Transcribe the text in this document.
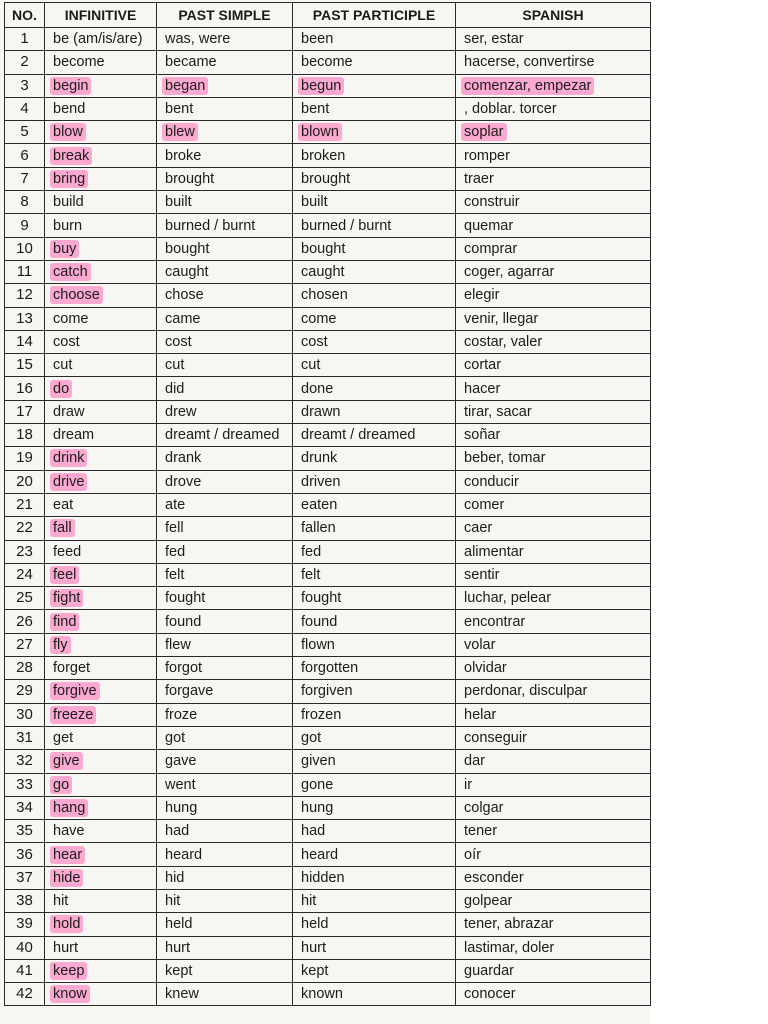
NO.	INFINITIVE	PAST SIMPLE	PAST PARTICIPLE	SPANISH
1	be (am/is/are)	was, were	been	ser, estar
2	become	became	become	hacerse, convertirse
3	begin	began	begun	comenzar, empezar
4	bend	bent	bent	, doblar. torcer
5	blow	blew	blown	soplar
6	break	broke	broken	romper
7	bring	brought	brought	traer
8	build	built	built	construir
9	burn	burned / burnt	burned / burnt	quemar
10	buy	bought	bought	comprar
11	catch	caught	caught	coger, agarrar
12	choose	chose	chosen	elegir
13	come	came	come	venir, llegar
14	cost	cost	cost	costar, valer
15	cut	cut	cut	cortar
16	do	did	done	hacer
17	draw	drew	drawn	tirar, sacar
18	dream	dreamt / dreamed	dreamt / dreamed	soñar
19	drink	drank	drunk	beber, tomar
20	drive	drove	driven	conducir
21	eat	ate	eaten	comer
22	fall	fell	fallen	caer
23	feed	fed	fed	alimentar
24	feel	felt	felt	sentir
25	fight	fought	fought	luchar, pelear
26	find	found	found	encontrar
27	fly	flew	flown	volar
28	forget	forgot	forgotten	olvidar
29	forgive	forgave	forgiven	perdonar, disculpar
30	freeze	froze	frozen	helar
31	get	got	got	conseguir
32	give	gave	given	dar
33	go	went	gone	ir
34	hang	hung	hung	colgar
35	have	had	had	tener
36	hear	heard	heard	oír
37	hide	hid	hidden	esconder
38	hit	hit	hit	golpear
39	hold	held	held	tener, abrazar
40	hurt	hurt	hurt	lastimar, doler
41	keep	kept	kept	guardar
42	know	knew	known	conocer
